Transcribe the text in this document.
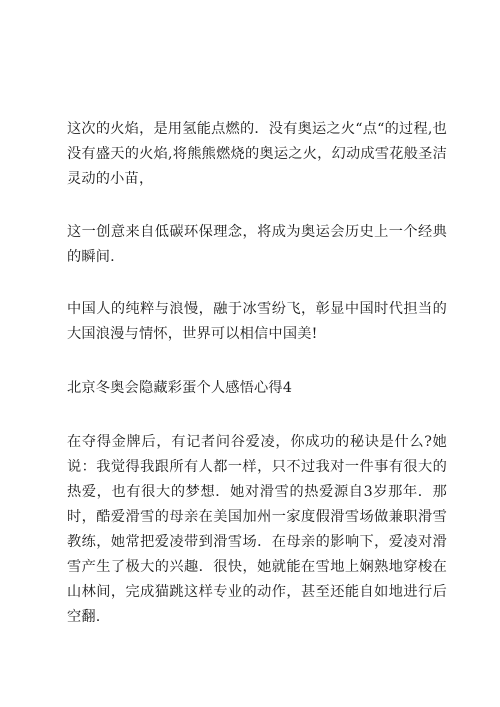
这次的火焰，是用氢能点燃的．没有奥运之火“点“的过程,也没有盛天的火焰,将熊熊燃烧的奥运之火，幻动成雪花般圣洁灵动的小苗，

这一创意来自低碳环保理念，将成为奥运会历史上一个经典的瞬间.

中国人的纯粹与浪慢，融于冰雪纷飞，彰显中国时代担当的大国浪漫与情怀，世界可以相信中国美!

北京冬奥会隐藏彩蛋个人感悟心得4

在夺得金牌后，有记者问谷爱凌，你成功的秘诀是什么?她说：我觉得我跟所有人都一样，只不过我对一件事有很大的热爱，也有很大的梦想．她对滑雪的热爱源自3岁那年．那时，酷爱滑雪的母亲在美国加州一家度假滑雪场做兼职滑雪教练，她常把爱凌带到滑雪场．在母亲的影响下，爱凌对滑雪产生了极大的兴趣．很快，她就能在雪地上娴熟地穿梭在山林间，完成猫跳这样专业的动作，甚至还能自如地进行后空翻.
